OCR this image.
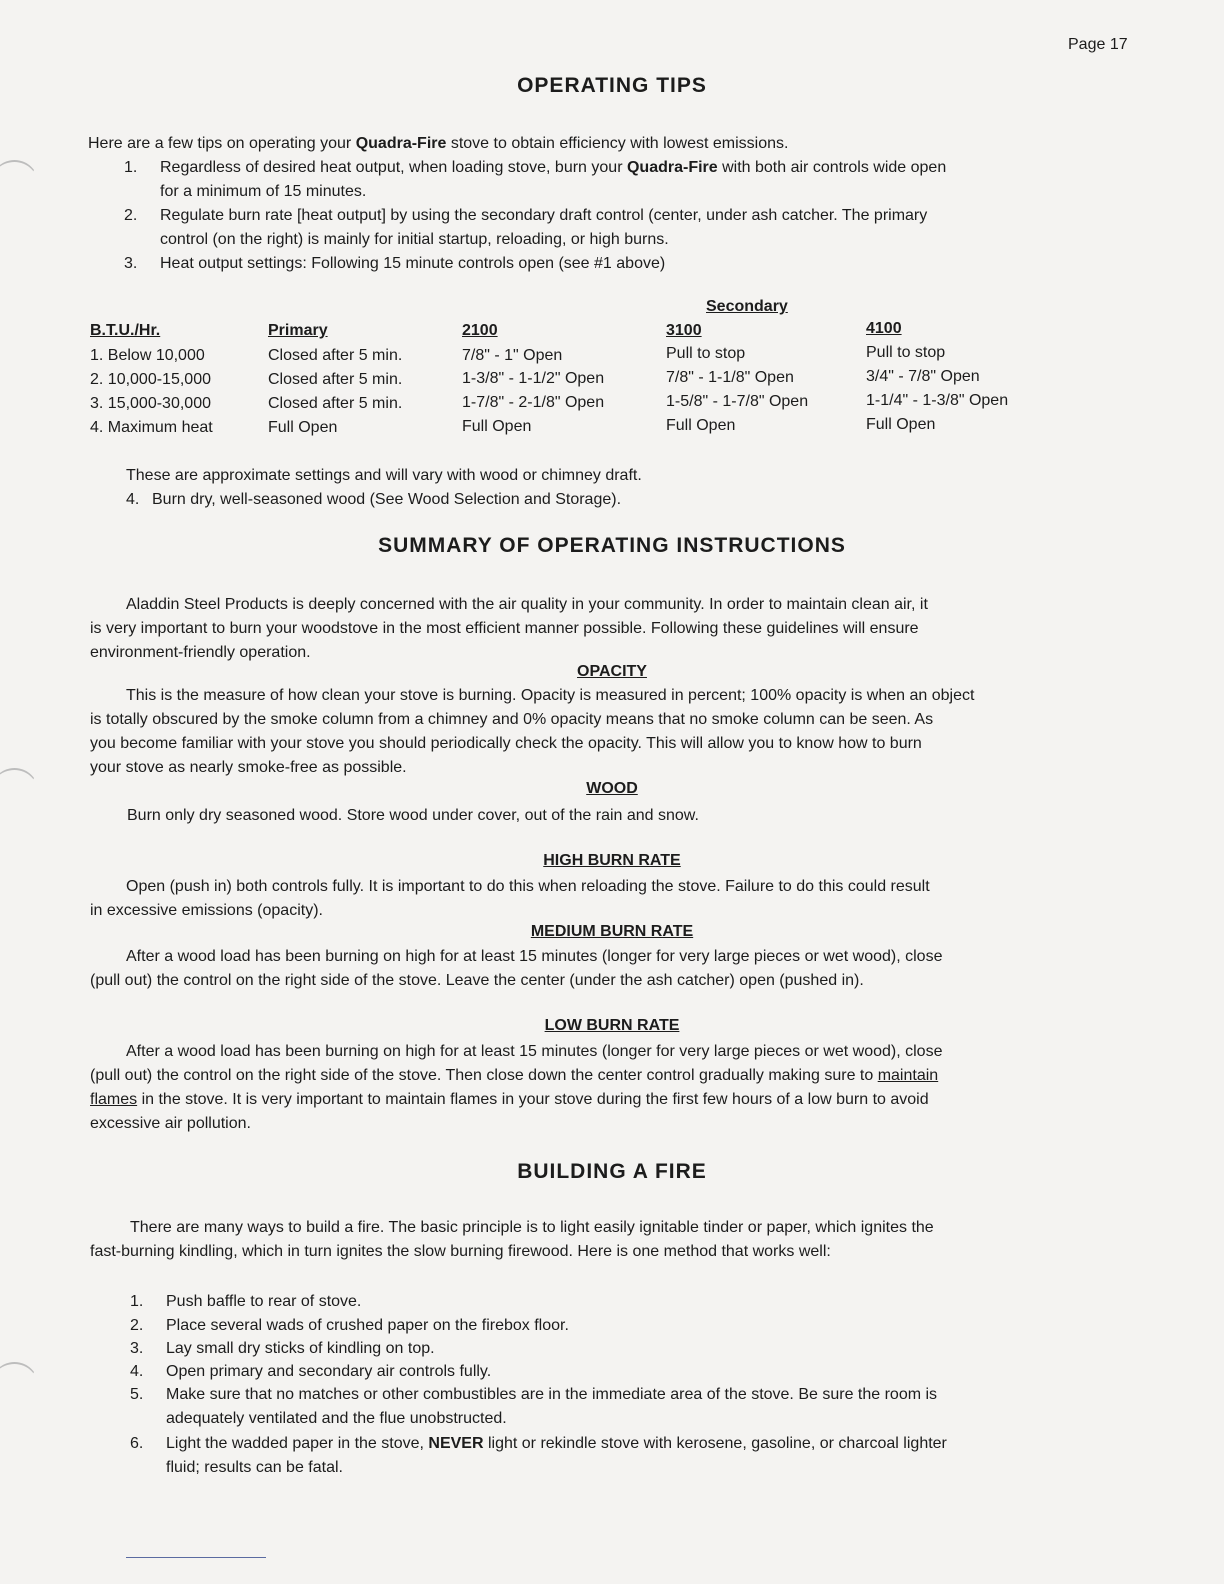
Page 17
OPERATING TIPS
Here are a few tips on operating your Quadra-Fire stove to obtain efficiency with lowest emissions.
1. Regardless of desired heat output, when loading stove, burn your Quadra-Fire with both air controls wide open
for a minimum of 15 minutes.
2. Regulate burn rate [heat output] by using the secondary draft control (center, under ash catcher. The primary
control (on the right) is mainly for initial startup, reloading, or high burns.
3. Heat output settings: Following 15 minute controls open (see #1 above)
Secondary
B.T.U./Hr.	Primary	2100	3100	4100
1. Below 10,000	Closed after 5 min.	7/8" - 1" Open	Pull to stop	Pull to stop
2. 10,000-15,000	Closed after 5 min.	1-3/8" - 1-1/2" Open	7/8" - 1-1/8" Open	3/4" - 7/8" Open
3. 15,000-30,000	Closed after 5 min.	1-7/8" - 2-1/8" Open	1-5/8" - 1-7/8" Open	1-1/4" - 1-3/8" Open
4. Maximum heat	Full Open	Full Open	Full Open	Full Open
These are approximate settings and will vary with wood or chimney draft.
4. Burn dry, well-seasoned wood (See Wood Selection and Storage).
SUMMARY OF OPERATING INSTRUCTIONS
Aladdin Steel Products is deeply concerned with the air quality in your community. In order to maintain clean air, it
is very important to burn your woodstove in the most efficient manner possible. Following these guidelines will ensure
environment-friendly operation.
OPACITY
This is the measure of how clean your stove is burning. Opacity is measured in percent; 100% opacity is when an object
is totally obscured by the smoke column from a chimney and 0% opacity means that no smoke column can be seen. As
you become familiar with your stove you should periodically check the opacity. This will allow you to know how to burn
your stove as nearly smoke-free as possible.
WOOD
Burn only dry seasoned wood. Store wood under cover, out of the rain and snow.
HIGH BURN RATE
Open (push in) both controls fully. It is important to do this when reloading the stove. Failure to do this could result
in excessive emissions (opacity).
MEDIUM BURN RATE
After a wood load has been burning on high for at least 15 minutes (longer for very large pieces or wet wood), close
(pull out) the control on the right side of the stove. Leave the center (under the ash catcher) open (pushed in).
LOW BURN RATE
After a wood load has been burning on high for at least 15 minutes (longer for very large pieces or wet wood), close
(pull out) the control on the right side of the stove. Then close down the center control gradually making sure to maintain
flames in the stove. It is very important to maintain flames in your stove during the first few hours of a low burn to avoid
excessive air pollution.
BUILDING A FIRE
There are many ways to build a fire. The basic principle is to light easily ignitable tinder or paper, which ignites the
fast-burning kindling, which in turn ignites the slow burning firewood. Here is one method that works well:
1. Push baffle to rear of stove.
2. Place several wads of crushed paper on the firebox floor.
3. Lay small dry sticks of kindling on top.
4. Open primary and secondary air controls fully.
5. Make sure that no matches or other combustibles are in the immediate area of the stove. Be sure the room is
adequately ventilated and the flue unobstructed.
6. Light the wadded paper in the stove, NEVER light or rekindle stove with kerosene, gasoline, or charcoal lighter
fluid; results can be fatal.
